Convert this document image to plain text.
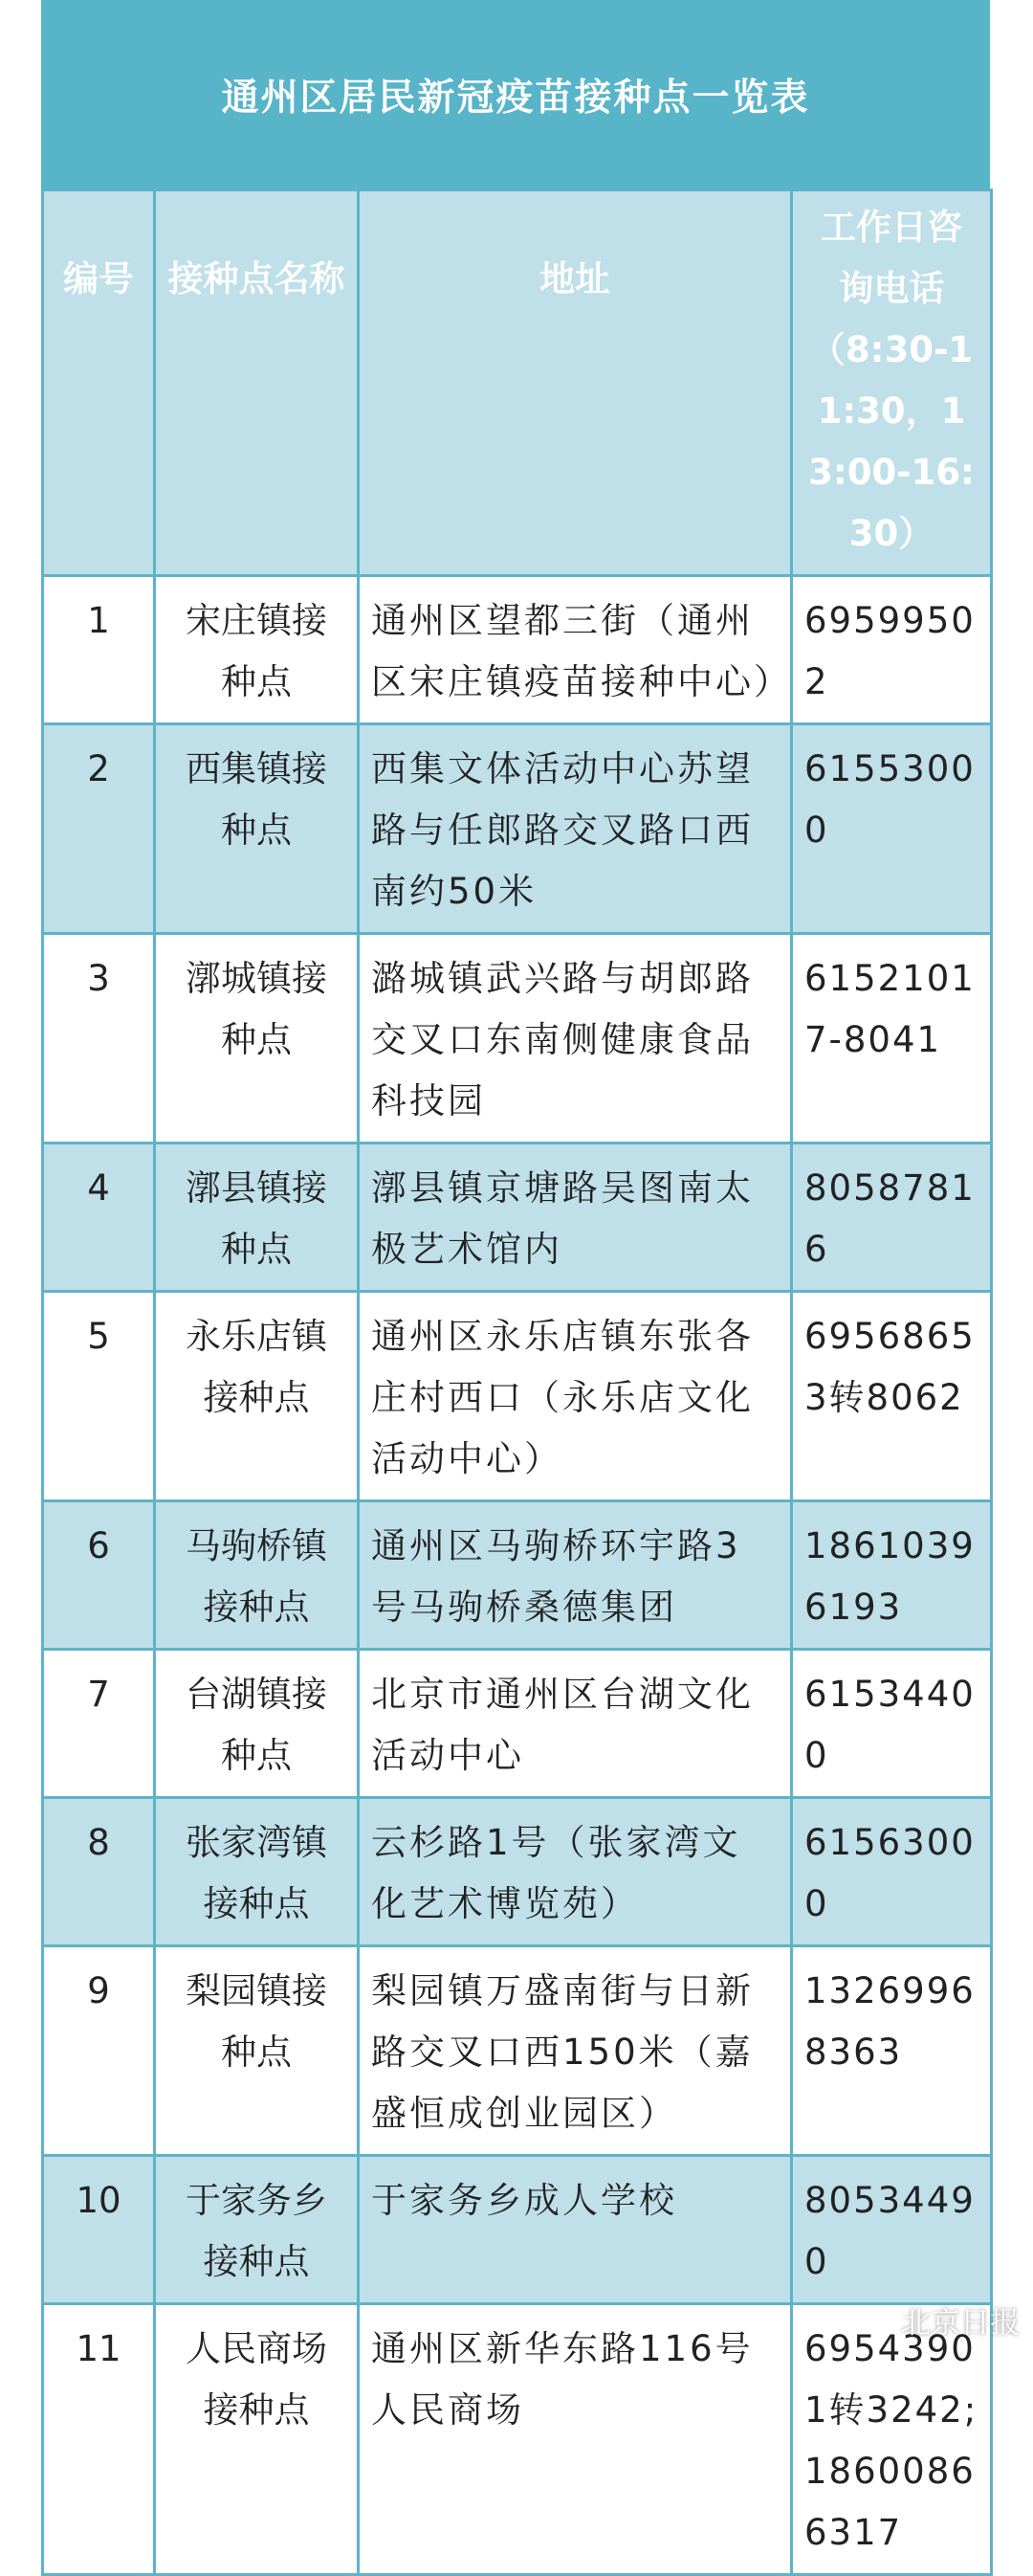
通州区居民新冠疫苗接种点一览表
编号	接种点名称	地址	工作日咨询电话（8:30-11:30，13:00-16:30）
1	宋庄镇接种点	通州区望都三街（通州区宋庄镇疫苗接种中心）	69599502
2	西集镇接种点	西集文体活动中心苏望路与任郎路交叉路口西南约50米	61553000
3	漷城镇接种点	潞城镇武兴路与胡郎路交叉口东南侧健康食品科技园	61521017-8041
4	漷县镇接种点	漷县镇京塘路吴图南太极艺术馆内	80587816
5	永乐店镇接种点	通州区永乐店镇东张各庄村西口（永乐店文化活动中心）	69568653转8062
6	马驹桥镇接种点	通州区马驹桥环宇路3号马驹桥桑德集团	18610396193
7	台湖镇接种点	北京市通州区台湖文化活动中心	61534400
8	张家湾镇接种点	云杉路1号（张家湾文化艺术博览苑）	61563000
9	梨园镇接种点	梨园镇万盛南街与日新路交叉口西150米（嘉盛恒成创业园区）	13269968363
10	于家务乡接种点	于家务乡成人学校	80534490
11	人民商场接种点	通州区新华东路116号人民商场	69543901转3242;18600866317
北京日报
